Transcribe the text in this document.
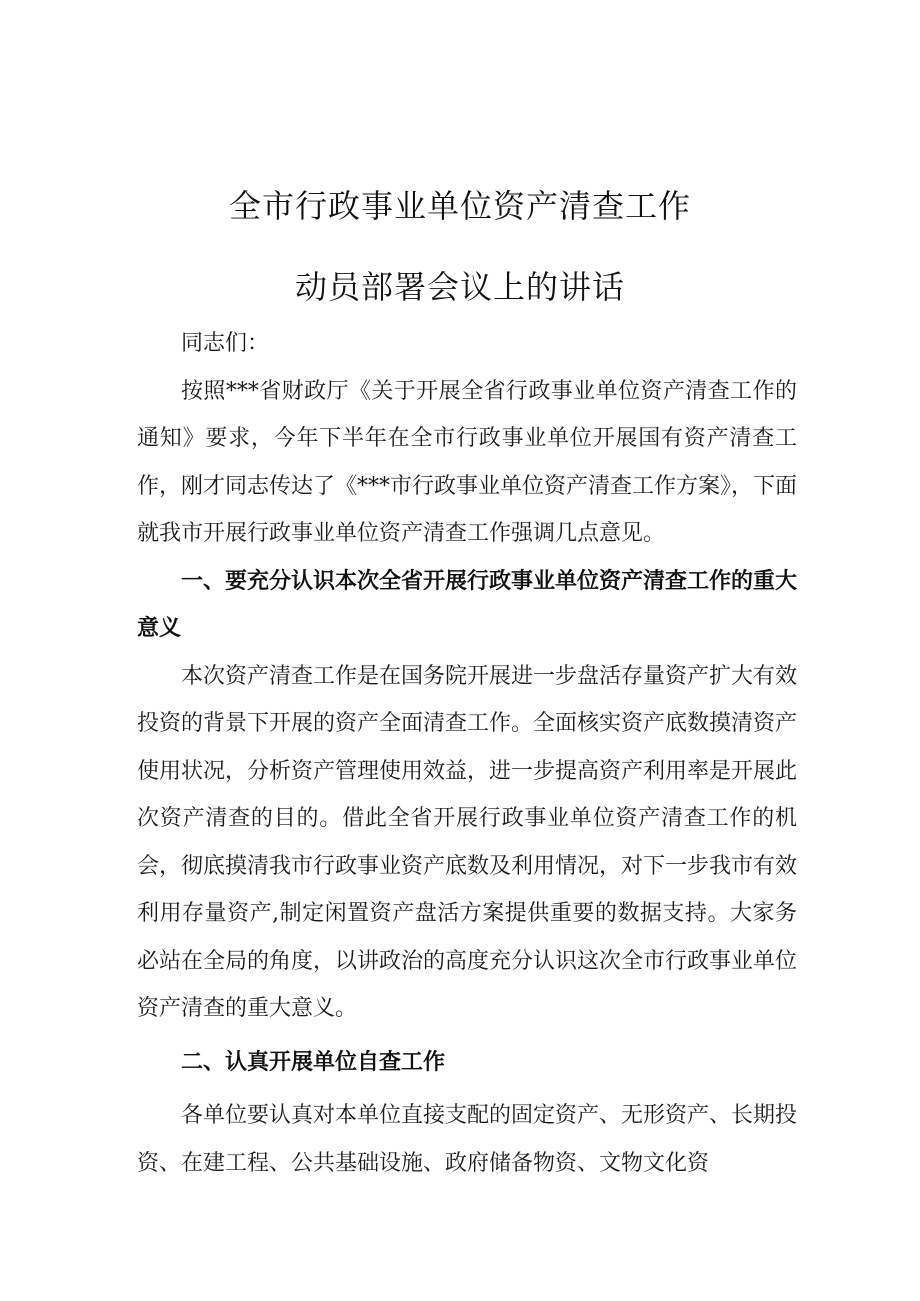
全市行政事业单位资产清查工作
动员部署会议上的讲话

同志们：

按照***省财政厅《关于开展全省行政事业单位资产清查工作的通知》要求，今年下半年在全市行政事业单位开展国有资产清查工作，刚才同志传达了《***市行政事业单位资产清查工作方案》，下面就我市开展行政事业单位资产清查工作强调几点意见。

一、要充分认识本次全省开展行政事业单位资产清查工作的重大意义

本次资产清查工作是在国务院开展进一步盘活存量资产扩大有效投资的背景下开展的资产全面清查工作。全面核实资产底数摸清资产使用状况，分析资产管理使用效益，进一步提高资产利用率是开展此次资产清查的目的。借此全省开展行政事业单位资产清查工作的机会，彻底摸清我市行政事业资产底数及利用情况，对下一步我市有效利用存量资产,制定闲置资产盘活方案提供重要的数据支持。大家务必站在全局的角度，以讲政治的高度充分认识这次全市行政事业单位资产清查的重大意义。

二、认真开展单位自查工作

各单位要认真对本单位直接支配的固定资产、无形资产、长期投资、在建工程、公共基础设施、政府储备物资、文物文化资
